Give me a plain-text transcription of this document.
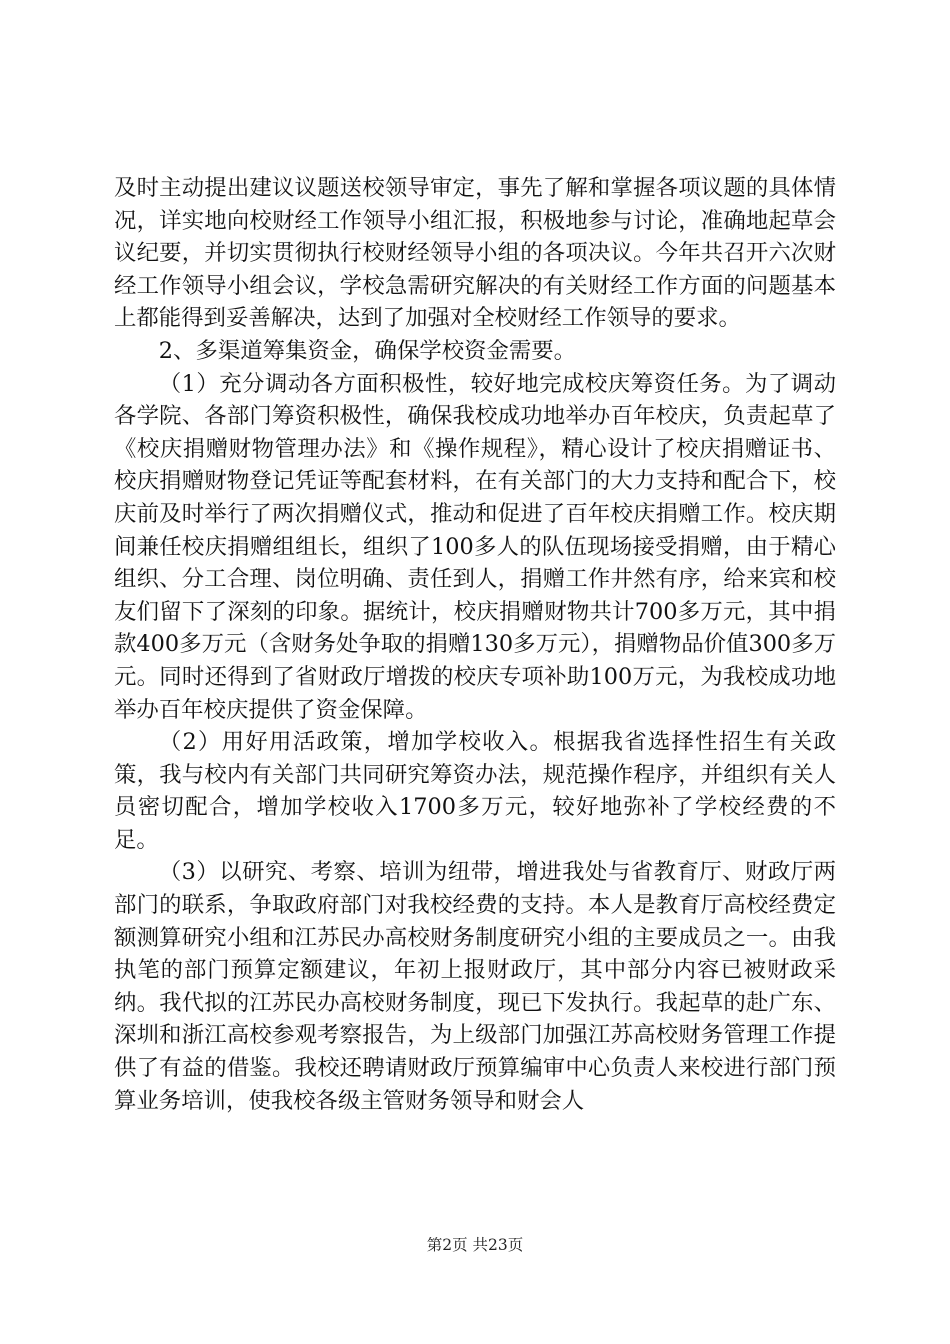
及时主动提出建议议题送校领导审定，事先了解和掌握各项议题的具体情况，详实地向校财经工作领导小组汇报，积极地参与讨论，准确地起草会议纪要，并切实贯彻执行校财经领导小组的各项决议。今年共召开六次财经工作领导小组会议，学校急需研究解决的有关财经工作方面的问题基本上都能得到妥善解决，达到了加强对全校财经工作领导的要求。

2、多渠道筹集资金，确保学校资金需要。

（1）充分调动各方面积极性，较好地完成校庆筹资任务。为了调动各学院、各部门筹资积极性，确保我校成功地举办百年校庆，负责起草了《校庆捐赠财物管理办法》和《操作规程》，精心设计了校庆捐赠证书、校庆捐赠财物登记凭证等配套材料，在有关部门的大力支持和配合下，校庆前及时举行了两次捐赠仪式，推动和促进了百年校庆捐赠工作。校庆期间兼任校庆捐赠组组长，组织了100多人的队伍现场接受捐赠，由于精心组织、分工合理、岗位明确、责任到人，捐赠工作井然有序，给来宾和校友们留下了深刻的印象。据统计，校庆捐赠财物共计700多万元，其中捐款400多万元（含财务处争取的捐赠130多万元），捐赠物品价值300多万元。同时还得到了省财政厅增拨的校庆专项补助100万元，为我校成功地举办百年校庆提供了资金保障。

（2）用好用活政策，增加学校收入。根据我省选择性招生有关政策，我与校内有关部门共同研究筹资办法，规范操作程序，并组织有关人员密切配合，增加学校收入1700多万元，较好地弥补了学校经费的不足。

（3）以研究、考察、培训为纽带，增进我处与省教育厅、财政厅两部门的联系，争取政府部门对我校经费的支持。本人是教育厅高校经费定额测算研究小组和江苏民办高校财务制度研究小组的主要成员之一。由我执笔的部门预算定额建议，年初上报财政厅，其中部分内容已被财政采纳。我代拟的江苏民办高校财务制度，现已下发执行。我起草的赴广东、深圳和浙江高校参观考察报告，为上级部门加强江苏高校财务管理工作提供了有益的借鉴。我校还聘请财政厅预算编审中心负责人来校进行部门预算业务培训，使我校各级主管财务领导和财会人

第2页 共23页
